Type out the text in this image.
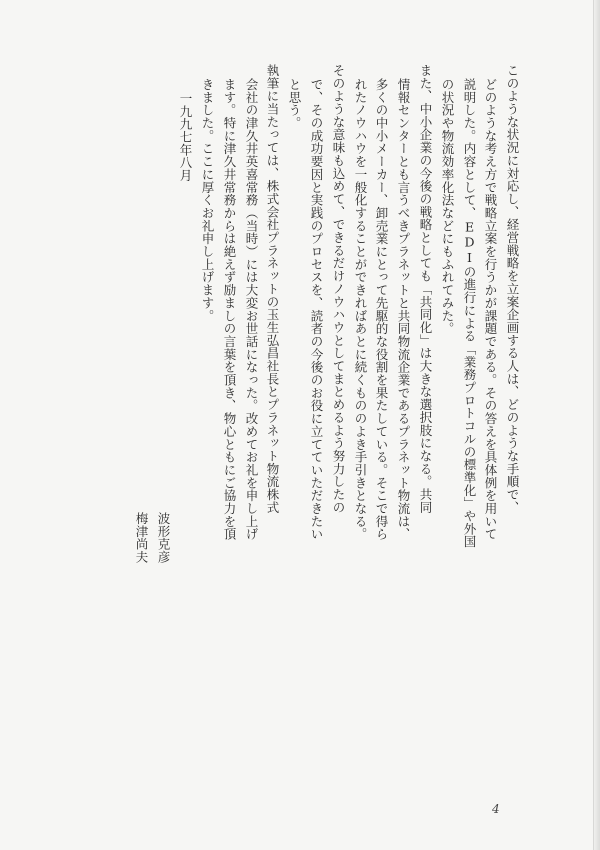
このような状況に対応し、経営戦略を立案企画する人は、どのような手順で、
どのような考え方で戦略立案を行うかが課題である。その答えを具体例を用いて
説明した。内容として、EDIの進行による「業務プロトコルの標準化」や外国
の状況や物流効率化法などにもふれてみた。
また、中小企業の今後の戦略としても「共同化」は大きな選択肢になる。共同
情報センターとも言うべきプラネットと共同物流企業であるプラネット物流は、
多くの中小メーカー、卸売業にとって先駆的な役割を果たしている。そこで得ら
れたノウハウを一般化することができればあとに続くもののよき手引きとなる。
そのような意味も込めて、できるだけノウハウとしてまとめるよう努力したの
で、その成功要因と実践のプロセスを、読者の今後のお役に立てていただきたい
と思う。
執筆に当たっては、株式会社プラネットの玉生弘昌社長とプラネット物流株式
会社の津久井英喜常務（当時）には大変お世話になった。改めてお礼を申し上げ
ます。特に津久井常務からは絶えず励ましの言葉を頂き、物心ともにご協力を頂
きました。ここに厚くお礼申し上げます。
一九九七年八月
波形克彦
梅津尚夫
4
